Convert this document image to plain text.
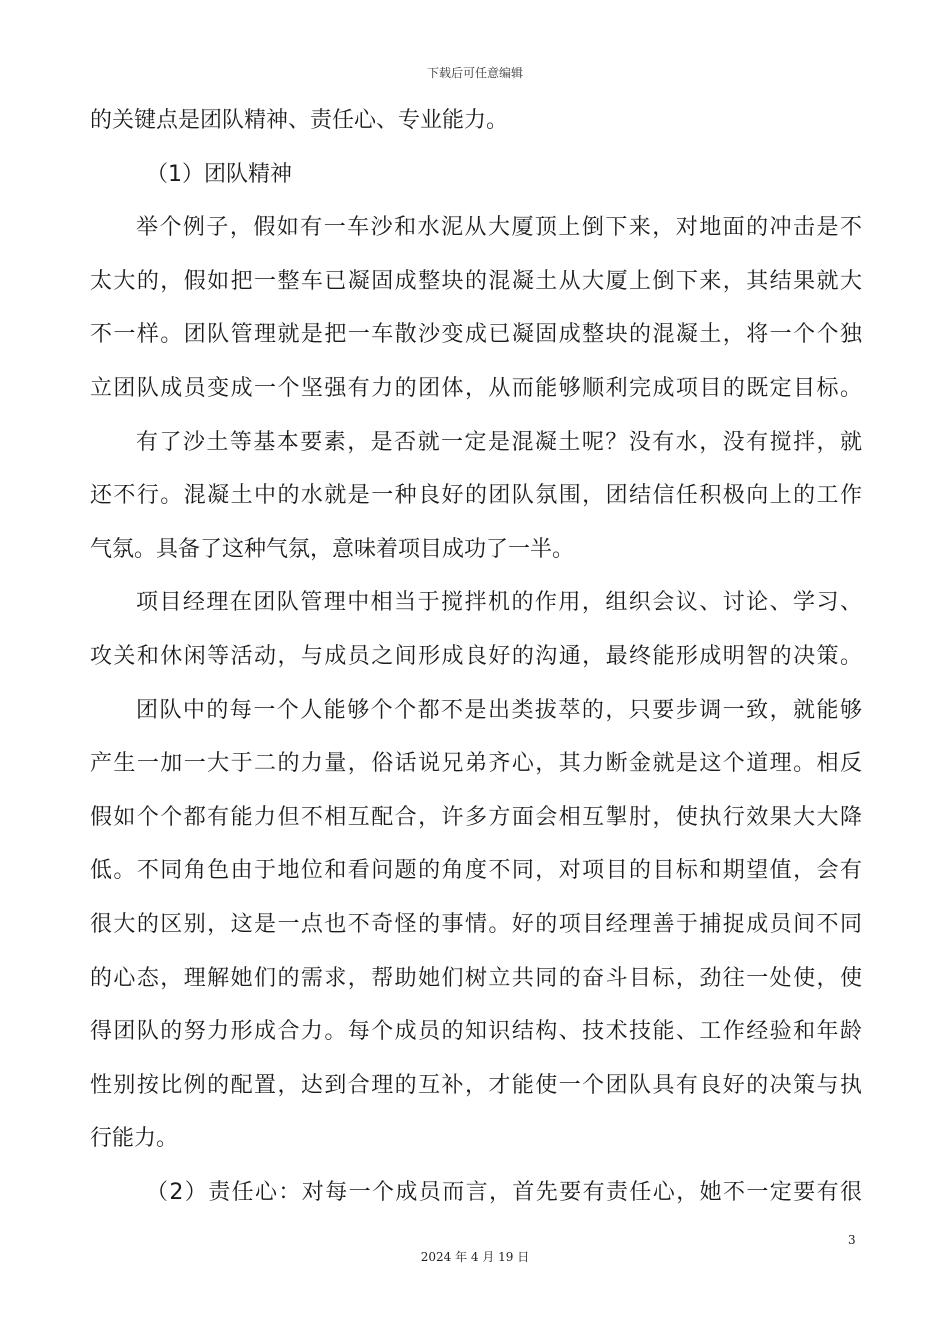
下载后可任意编辑
的关键点是团队精神、责任心、专业能力。
（1）团队精神
举个例子，假如有一车沙和水泥从大厦顶上倒下来，对地面的冲击是不
太大的，假如把一整车已凝固成整块的混凝土从大厦上倒下来，其结果就大
不一样。团队管理就是把一车散沙变成已凝固成整块的混凝土，将一个个独
立团队成员变成一个坚强有力的团体，从而能够顺利完成项目的既定目标。
有了沙土等基本要素，是否就一定是混凝土呢？没有水，没有搅拌，就
还不行。混凝土中的水就是一种良好的团队氛围，团结信任积极向上的工作
气氛。具备了这种气氛，意味着项目成功了一半。
项目经理在团队管理中相当于搅拌机的作用，组织会议、讨论、学习、
攻关和休闲等活动，与成员之间形成良好的沟通，最终能形成明智的决策。
团队中的每一个人能够个个都不是出类拔萃的，只要步调一致，就能够
产生一加一大于二的力量，俗话说兄弟齐心，其力断金就是这个道理。相反
假如个个都有能力但不相互配合，许多方面会相互掣肘，使执行效果大大降
低。不同角色由于地位和看问题的角度不同，对项目的目标和期望值，会有
很大的区别，这是一点也不奇怪的事情。好的项目经理善于捕捉成员间不同
的心态，理解她们的需求，帮助她们树立共同的奋斗目标，劲往一处使，使
得团队的努力形成合力。每个成员的知识结构、技术技能、工作经验和年龄
性别按比例的配置，达到合理的互补，才能使一个团队具有良好的决策与执
行能力。
（2）责任心：对每一个成员而言，首先要有责任心，她不一定要有很
3
2024 年 4 月 19 日
